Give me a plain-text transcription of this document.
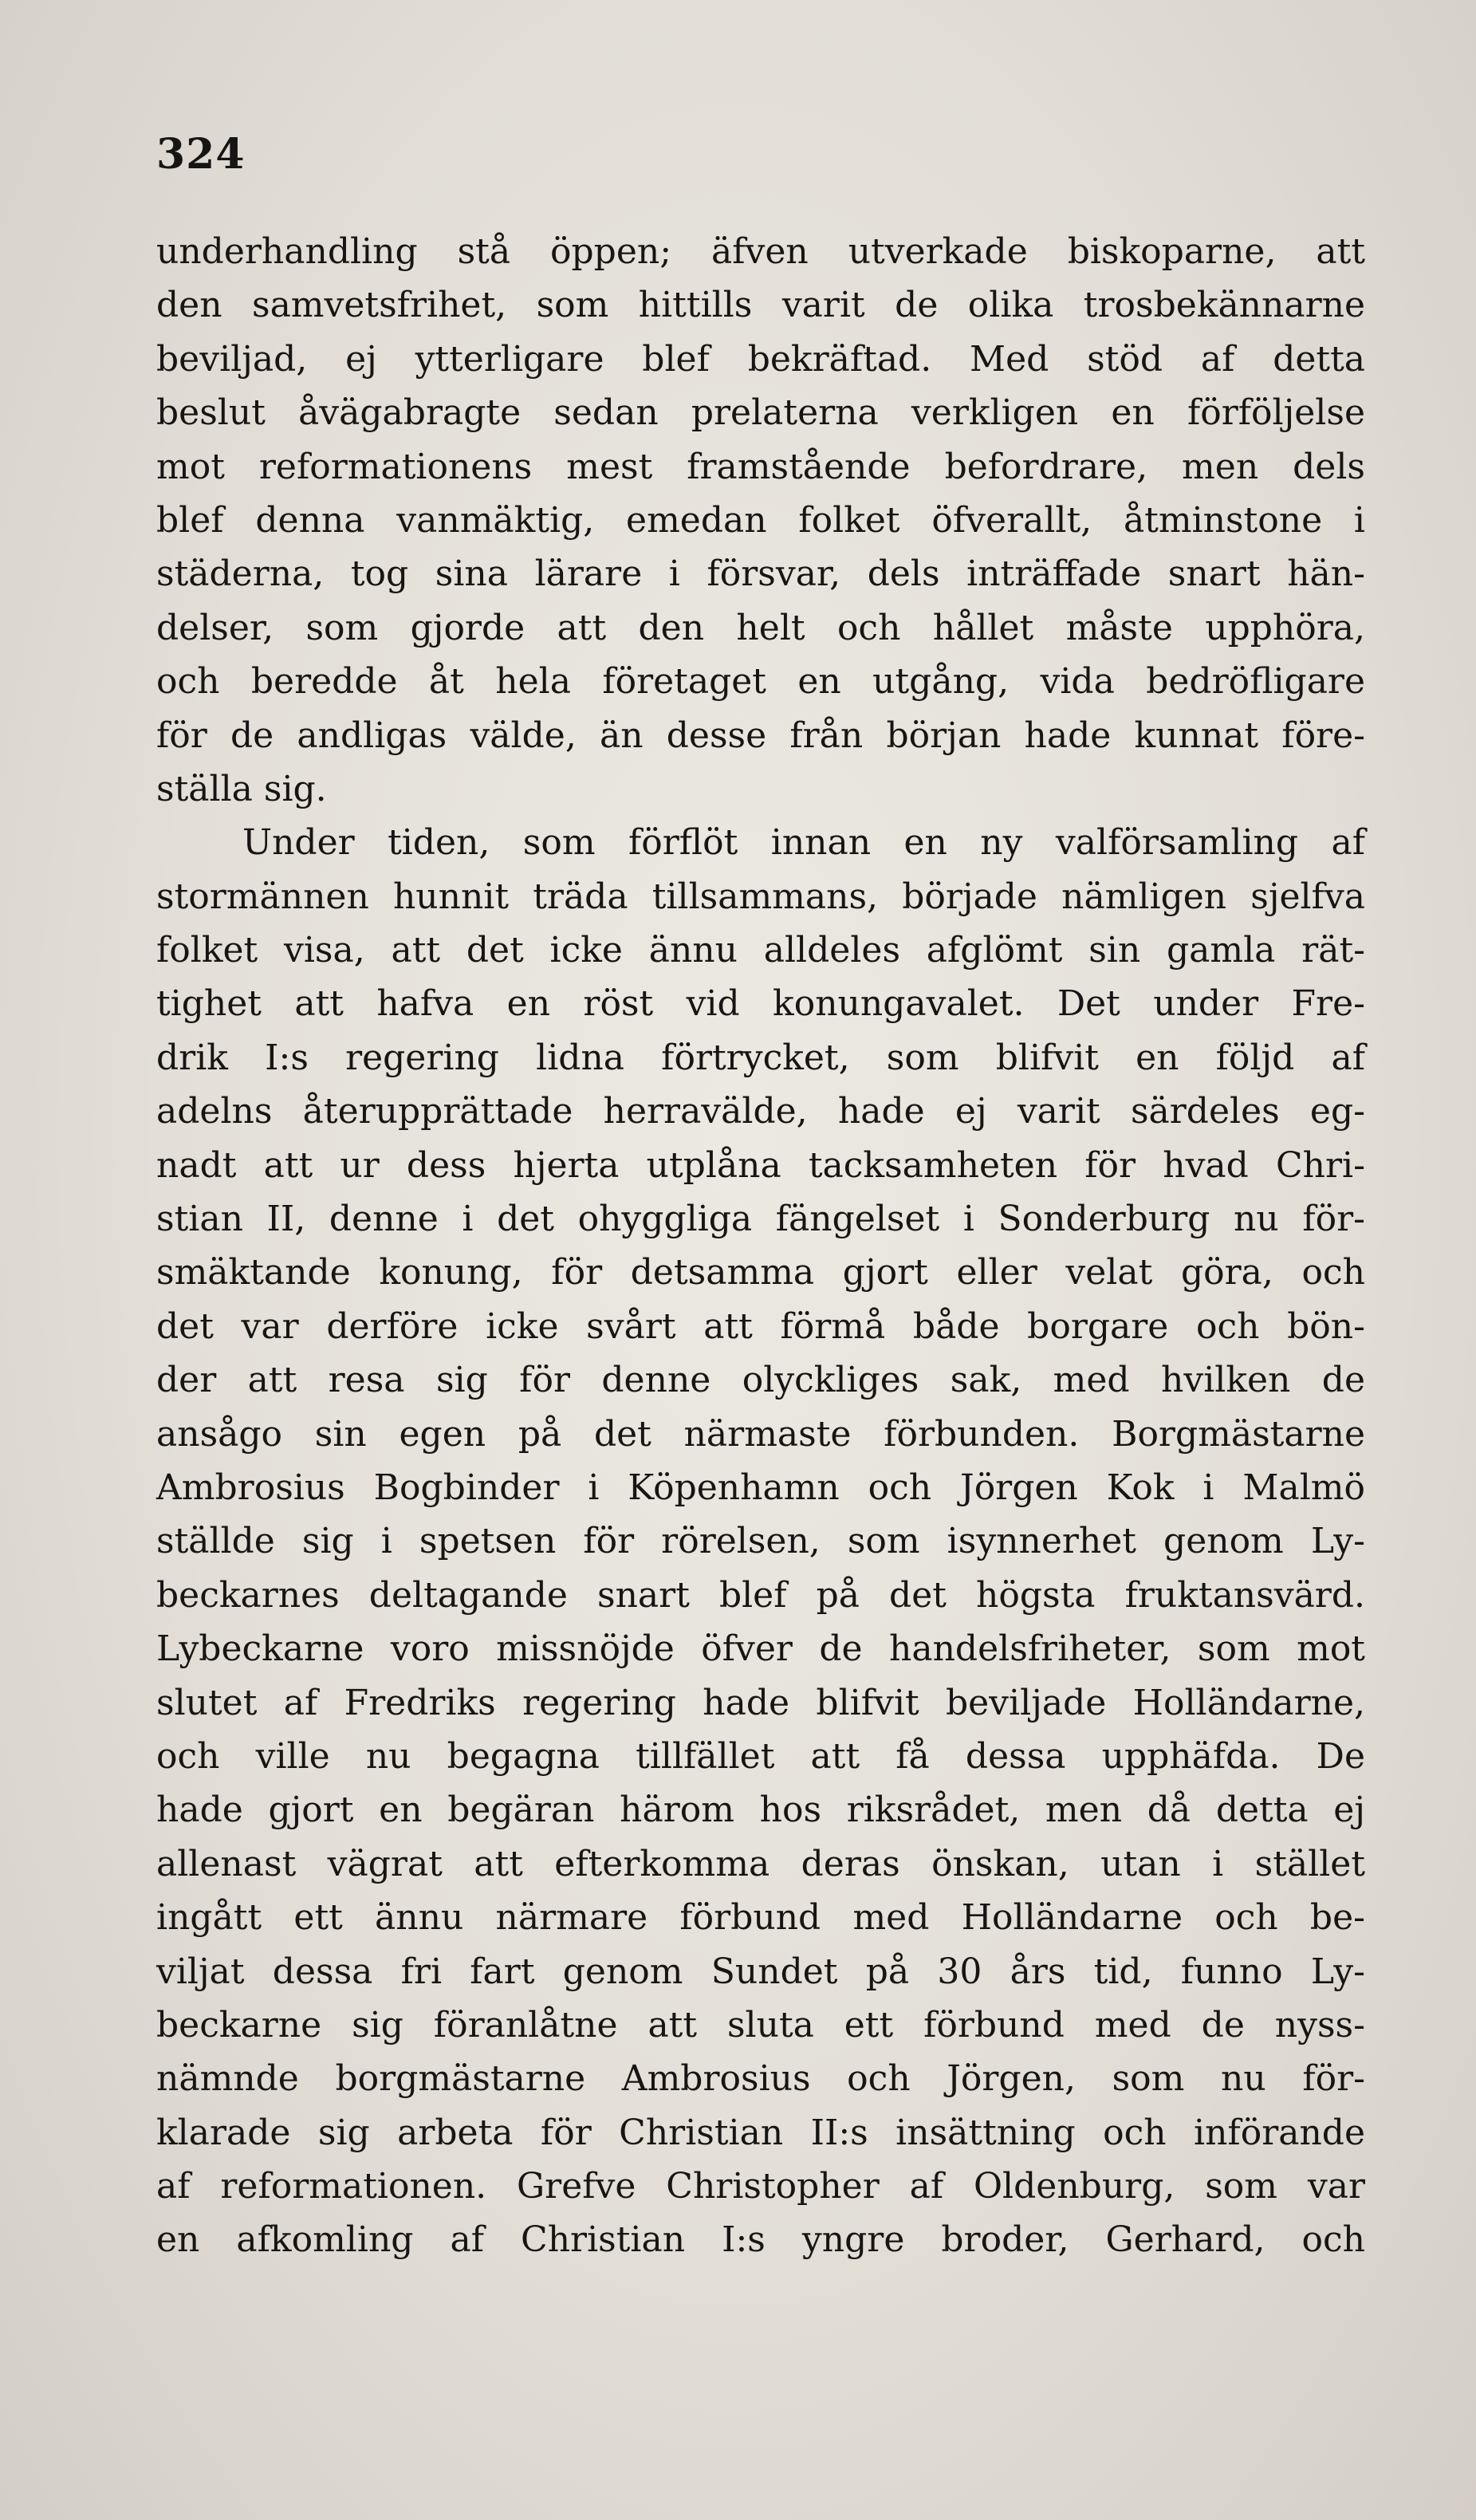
324
underhandling stå öppen; äfven utverkade biskoparne, att
den samvetsfrihet, som hittills varit de olika trosbekännarne
beviljad, ej ytterligare blef bekräftad. Med stöd af detta
beslut åvägabragte sedan prelaterna verkligen en förföljelse
mot reformationens mest framstående befordrare, men dels
blef denna vanmäktig, emedan folket öfverallt, åtminstone i
städerna, tog sina lärare i försvar, dels inträffade snart hän-
delser, som gjorde att den helt och hållet måste upphöra,
och beredde åt hela företaget en utgång, vida bedröfligare
för de andligas välde, än desse från början hade kunnat före-
ställa sig.
Under tiden, som förflöt innan en ny valförsamling af
stormännen hunnit träda tillsammans, började nämligen sjelfva
folket visa, att det icke ännu alldeles afglömt sin gamla rät-
tighet att hafva en röst vid konungavalet. Det under Fre-
drik I:s regering lidna förtrycket, som blifvit en följd af
adelns återupprättade herravälde, hade ej varit särdeles eg-
nadt att ur dess hjerta utplåna tacksamheten för hvad Chri-
stian II, denne i det ohyggliga fängelset i Sonderburg nu för-
smäktande konung, för detsamma gjort eller velat göra, och
det var derföre icke svårt att förmå både borgare och bön-
der att resa sig för denne olyckliges sak, med hvilken de
ansågo sin egen på det närmaste förbunden. Borgmästarne
Ambrosius Bogbinder i Köpenhamn och Jörgen Kok i Malmö
ställde sig i spetsen för rörelsen, som isynnerhet genom Ly-
beckarnes deltagande snart blef på det högsta fruktansvärd.
Lybeckarne voro missnöjde öfver de handelsfriheter, som mot
slutet af Fredriks regering hade blifvit beviljade Holländarne,
och ville nu begagna tillfället att få dessa upphäfda. De
hade gjort en begäran härom hos riksrådet, men då detta ej
allenast vägrat att efterkomma deras önskan, utan i stället
ingått ett ännu närmare förbund med Holländarne och be-
viljat dessa fri fart genom Sundet på 30 års tid, funno Ly-
beckarne sig föranlåtne att sluta ett förbund med de nyss-
nämnde borgmästarne Ambrosius och Jörgen, som nu för-
klarade sig arbeta för Christian II:s insättning och införande
af reformationen. Grefve Christopher af Oldenburg, som var
en afkomling af Christian I:s yngre broder, Gerhard, och
